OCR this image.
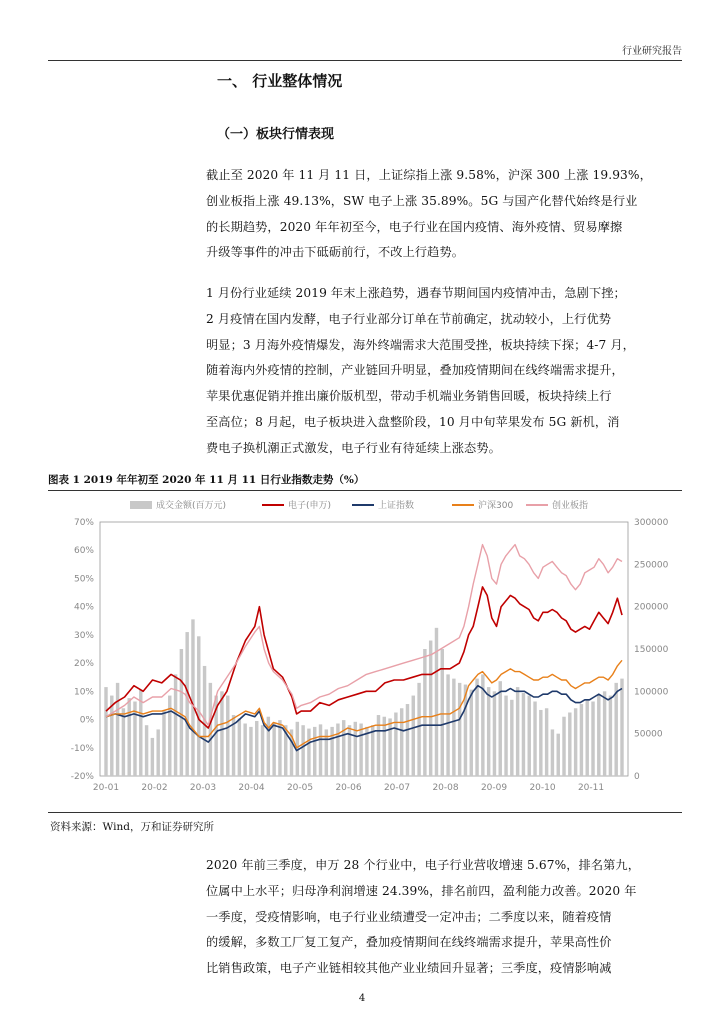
行业研究报告
一、 行业整体情况
（一）板块行情表现

截止至 2020 年 11 月 11 日，上证综指上涨 9.58%，沪深 300 上涨 19.93%，

创业板指上涨 49.13%，SW 电子上涨 35.89%。5G 与国产化替代始终是行业

的长期趋势，2020 年年初至今，电子行业在国内疫情、海外疫情、贸易摩擦

升级等事件的冲击下砥砺前行，不改上行趋势。

1 月份行业延续 2019 年末上涨趋势，遇春节期间国内疫情冲击，急剧下挫；

2 月疫情在国内发酵，电子行业部分订单在节前确定，扰动较小，上行优势

明显；3 月海外疫情爆发，海外终端需求大范围受挫，板块持续下探；4-7 月，

随着海内外疫情的控制，产业链回升明显，叠加疫情期间在线终端需求提升，

苹果优惠促销并推出廉价版机型，带动手机端业务销售回暖，板块持续上行

至高位；8 月起，电子板块进入盘整阶段，10 月中旬苹果发布 5G 新机，消

费电子换机潮正式激发，电子行业有待延续上涨态势。

图表 1 2019 年年初至 2020 年 11 月 11 日行业指数走势（%）
-20%
-10%
0%
10%
20%
30%
40%
50%
60%
70%
0
50000
100000
150000
200000
250000
300000
20-01 20-02 20-03 20-04 20-05 20-06 20-07 20-08 20-09 20-10 20-11
成交金额(百万元)	电子(申万)	上证指数	沪深300	创业板指
资料来源：Wind，万和证券研究所

2020 年前三季度，申万 28 个行业中，电子行业营收增速 5.67%，排名第九，

位属中上水平；归母净利润增速 24.39%，排名前四，盈利能力改善。2020 年

一季度，受疫情影响，电子行业业绩遭受一定冲击；二季度以来，随着疫情

的缓解，多数工厂复工复产，叠加疫情期间在线终端需求提升，苹果高性价

比销售政策，电子产业链相较其他产业业绩回升显著；三季度，疫情影响减

4
